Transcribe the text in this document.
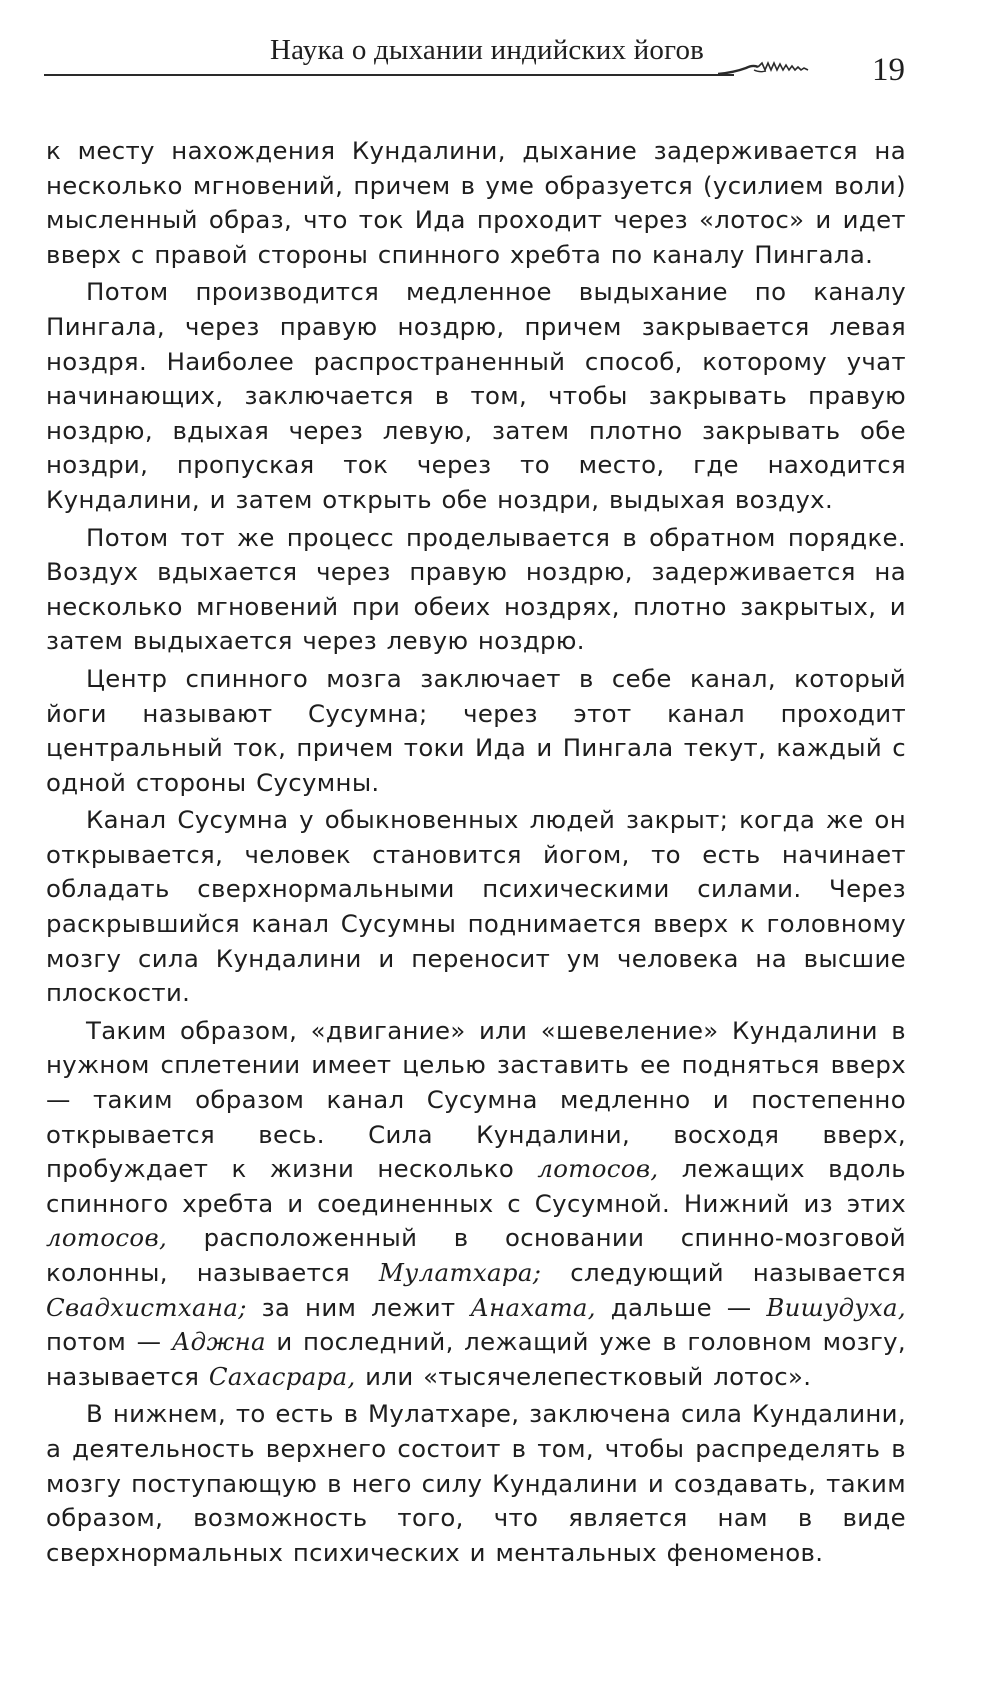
Наука о дыхании индийских йогов
19

к месту нахождения Кундалини, дыхание задерживается на несколько мгновений, причем в уме образуется (усилием воли) мысленный образ, что ток Ида проходит через «лотос» и идет вверх с правой стороны спинного хребта по каналу Пингала.

Потом производится медленное выдыхание по каналу Пингала, через правую ноздрю, причем закрывается левая ноздря. Наиболее распространенный способ, которому учат начинающих, заключается в том, чтобы закрывать правую ноздрю, вдыхая через левую, затем плотно закрывать обе ноздри, пропуская ток через то место, где находится Кундалини, и затем открыть обе ноздри, выдыхая воздух.

Потом тот же процесс проделывается в обратном порядке. Воздух вдыхается через правую ноздрю, задерживается на несколько мгновений при обеих ноздрях, плотно закрытых, и затем выдыхается через левую ноздрю.

Центр спинного мозга заключает в себе канал, который йоги называют Сусумна; через этот канал проходит центральный ток, причем токи Ида и Пингала текут, каждый с одной стороны Сусумны.

Канал Сусумна у обыкновенных людей закрыт; когда же он открывается, человек становится йогом, то есть начинает обладать сверхнормальными психическими силами. Через раскрывшийся канал Сусумны поднимается вверх к головному мозгу сила Кундалини и переносит ум человека на высшие плоскости.

Таким образом, «двигание» или «шевеление» Кундалини в нужном сплетении имеет целью заставить ее подняться вверх — таким образом канал Сусумна медленно и постепенно открывается весь. Сила Кундалини, восходя вверх, пробуждает к жизни несколько лотосов, лежащих вдоль спинного хребта и соединенных с Сусумной. Нижний из этих лотосов, расположенный в основании спинно-мозговой колонны, называется Мулатхара; следующий называется Свадхистхана; за ним лежит Анахата, дальше — Вишудуха, потом — Аджна и последний, лежащий уже в головном мозгу, называется Сахасрара, или «тысячелепестковый лотос».

В нижнем, то есть в Мулатхаре, заключена сила Кундалини, а деятельность верхнего состоит в том, чтобы распределять в мозгу поступающую в него силу Кундалини и создавать, таким образом, возможность того, что является нам в виде сверхнормальных психических и ментальных феноменов.
